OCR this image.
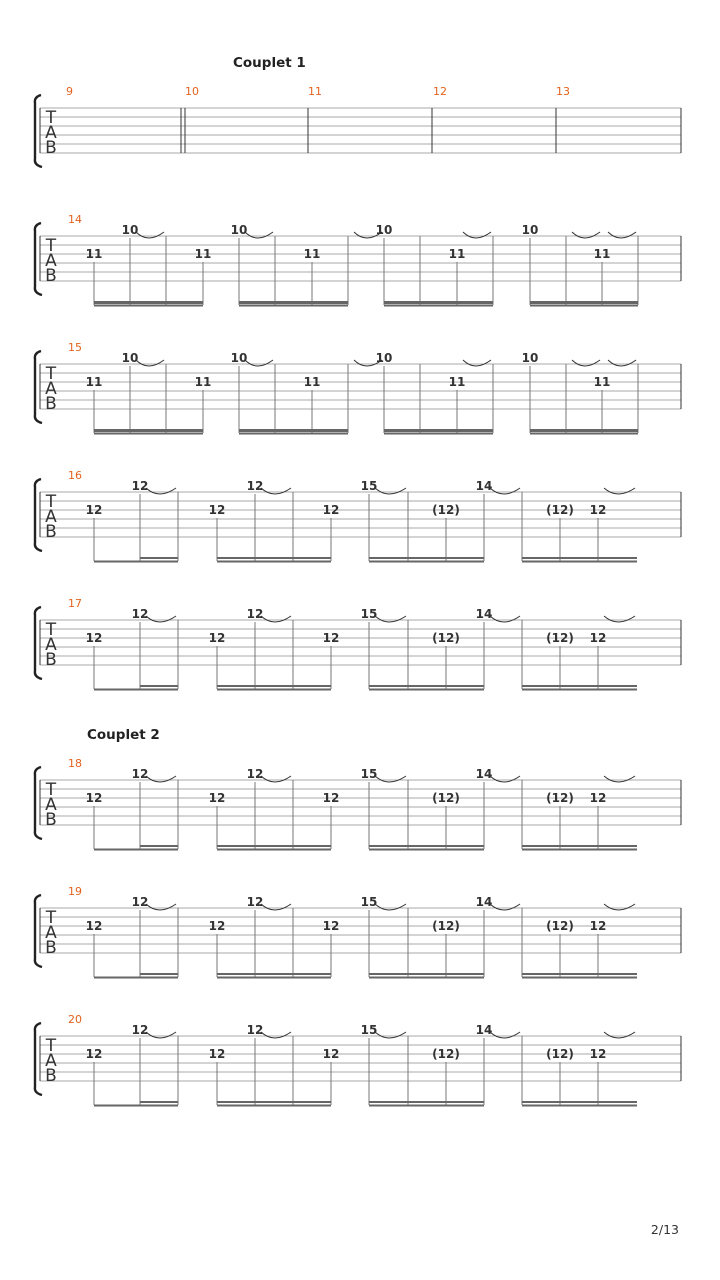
Couplet 1
T
A
B
9	10	11	12	13
T
A
B
14
11
10
11
10
11
10
11
10
11
T
A
B
15
11
10
11
10
11
10
11
10
11
T
A
B
16
12
12
12
12
12
15
(12)
14
(12) 12
T
A
B
17
12
12
12
12
12
15
(12)
14
(12) 12
Couplet 2
T
A
B
18
12
12
12
12
12
15
(12)
14
(12) 12
T
A
B
19
12
12
12
12
12
15
(12)
14
(12) 12
T
A
B
20
12
12
12
12
12
15
(12)
14
(12) 12
2/13
